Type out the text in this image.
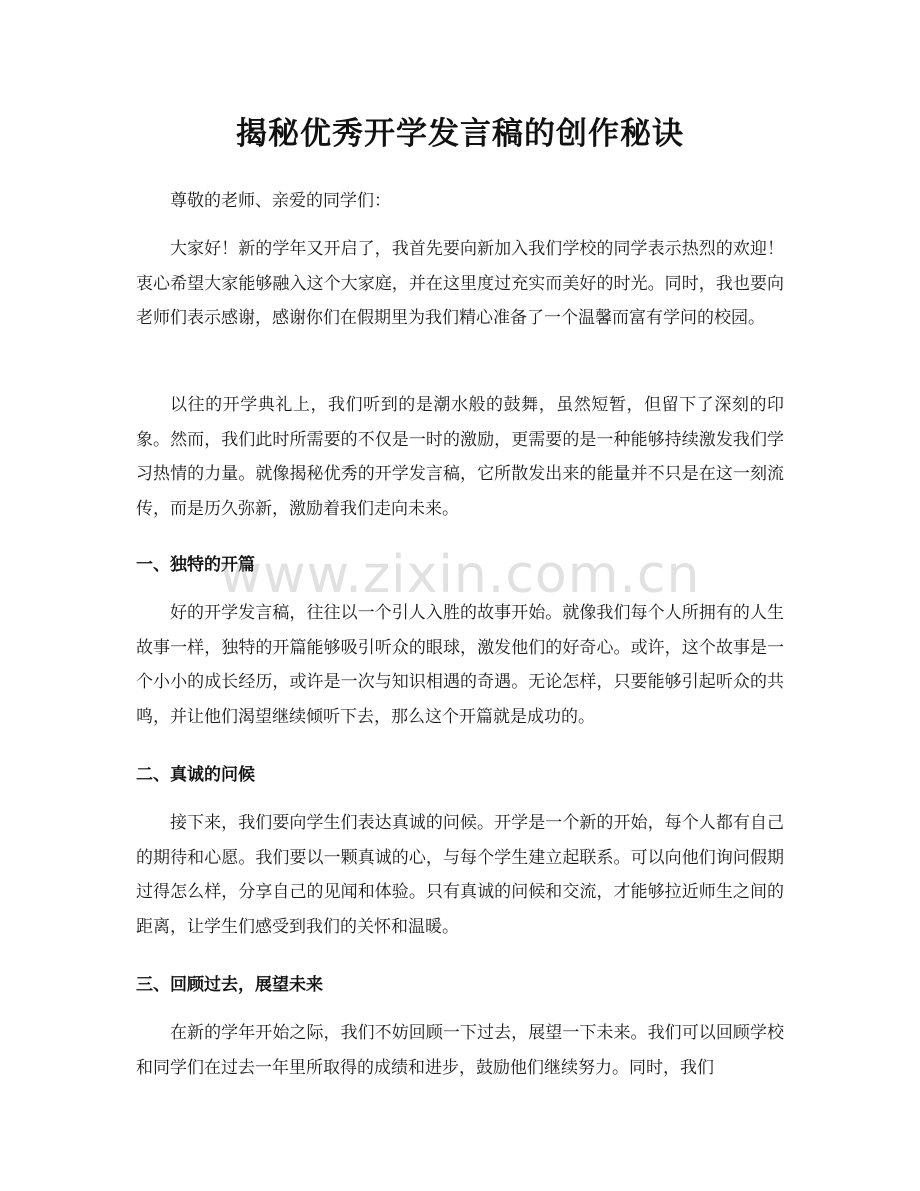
揭秘优秀开学发言稿的创作秘诀

尊敬的老师、亲爱的同学们：

大家好！新的学年又开启了，我首先要向新加入我们学校的同学表示热烈的欢迎！衷心希望大家能够融入这个大家庭，并在这里度过充实而美好的时光。同时，我也要向老师们表示感谢，感谢你们在假期里为我们精心准备了一个温馨而富有学问的校园。

以往的开学典礼上，我们听到的是潮水般的鼓舞，虽然短暂，但留下了深刻的印象。然而，我们此时所需要的不仅是一时的激励，更需要的是一种能够持续激发我们学习热情的力量。就像揭秘优秀的开学发言稿，它所散发出来的能量并不只是在这一刻流传，而是历久弥新，激励着我们走向未来。

一、独特的开篇

好的开学发言稿，往往以一个引人入胜的故事开始。就像我们每个人所拥有的人生故事一样，独特的开篇能够吸引听众的眼球，激发他们的好奇心。或许，这个故事是一个小小的成长经历，或许是一次与知识相遇的奇遇。无论怎样，只要能够引起听众的共鸣，并让他们渴望继续倾听下去，那么这个开篇就是成功的。

二、真诚的问候

接下来，我们要向学生们表达真诚的问候。开学是一个新的开始，每个人都有自己的期待和心愿。我们要以一颗真诚的心，与每个学生建立起联系。可以向他们询问假期过得怎么样，分享自己的见闻和体验。只有真诚的问候和交流，才能够拉近师生之间的距离，让学生们感受到我们的关怀和温暖。

三、回顾过去，展望未来

在新的学年开始之际，我们不妨回顾一下过去，展望一下未来。我们可以回顾学校和同学们在过去一年里所取得的成绩和进步，鼓励他们继续努力。同时，我们

www.zixin.com.cn
